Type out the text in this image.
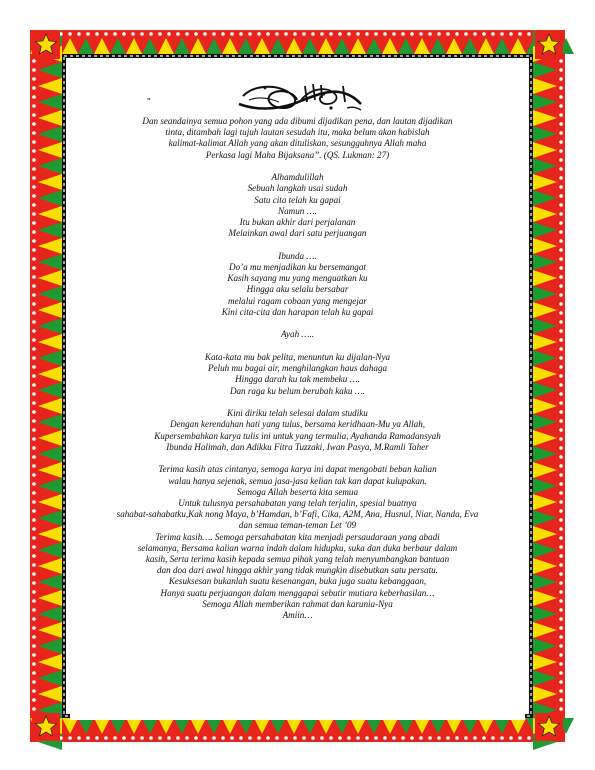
„
Dan seandainya semua pohon yang ada dibumi dijadikan pena, dan lautan dijadikan
tinta, ditambah lagi tujuh lautan sesudah itu, maka belum akan habislah
kalimat-kalimat Allah yang akan dituliskan, sesungguhnya Allah maha
Perkasa lagi Maha Bijaksana”. (QS. Lukman: 27)
Alhamdulillah
Sebuah langkah usai sudah
Satu cita telah ku gapai
Namun ….
Itu bukan akhir dari perjalanan
Melainkan awal dari satu perjuangan
Ibunda ….
Do’a mu menjadikan ku bersemangat
Kasih sayang mu yang menguatkan ku
Hingga aku selalu bersabar
melalui ragam cobaan yang mengejar
Kini cita-cita dan harapan telah ku gapai
Ayah …..
Kata-kata mu bak pelita, menuntun ku dijalan-Nya
Peluh mu bagai air, menghilangkan haus dahaga
Hingga darah ku tak membeku ….
Dan raga ku belum berubah kaku ….
Kini diriku telah selesai dalam studiku
Dengan kerendahan hati yang tulus, bersama keridhaan-Mu ya Allah,
Kupersembahkan karya tulis ini untuk yang termulia, Ayahanda Ramadansyah
Ibunda Halimah, dan Adikku Fitra Tuzzaki, Iwan Pasya, M.Ramli Taher
Terima kasih atas cintanya, semoga karya ini dapat mengobati beban kalian
walau hanya sejenak, semua jasa-jasa kelian tak kan dapat kulupakan.
Semoga Allah beserta kita semua
Untuk tulusnya persahabatan yang telah terjalin, spesial buatnya
sahabat-sahabatku,Kak nong Maya, b’Hamdan, b’Fafi, Cika, A2M, Ana, Husnul, Niar, Nanda, Eva
dan semua teman-teman Let ’09
Terima kasih…. Semoga persahabatan kita menjadi persaudaraan yang abadi
selamanya, Bersama kalian warna indah dalam hidupku, suka dan duka berbaur dalam
kasih, Serta terima kasih kepada semua pihak yang telah menyumbangkan bantuan
dan doa dari awal hingga akhir yang tidak mungkin disebutkan satu persatu.
Kesuksesan bukanlah suatu kesenangan, buka juga suatu kebanggaan,
Hanya suatu perjuangan dalam menggapai sebutir mutiara keberhasilan…
Semoga Allah memberikan rahmat dan karunia-Nya
Amiin…
